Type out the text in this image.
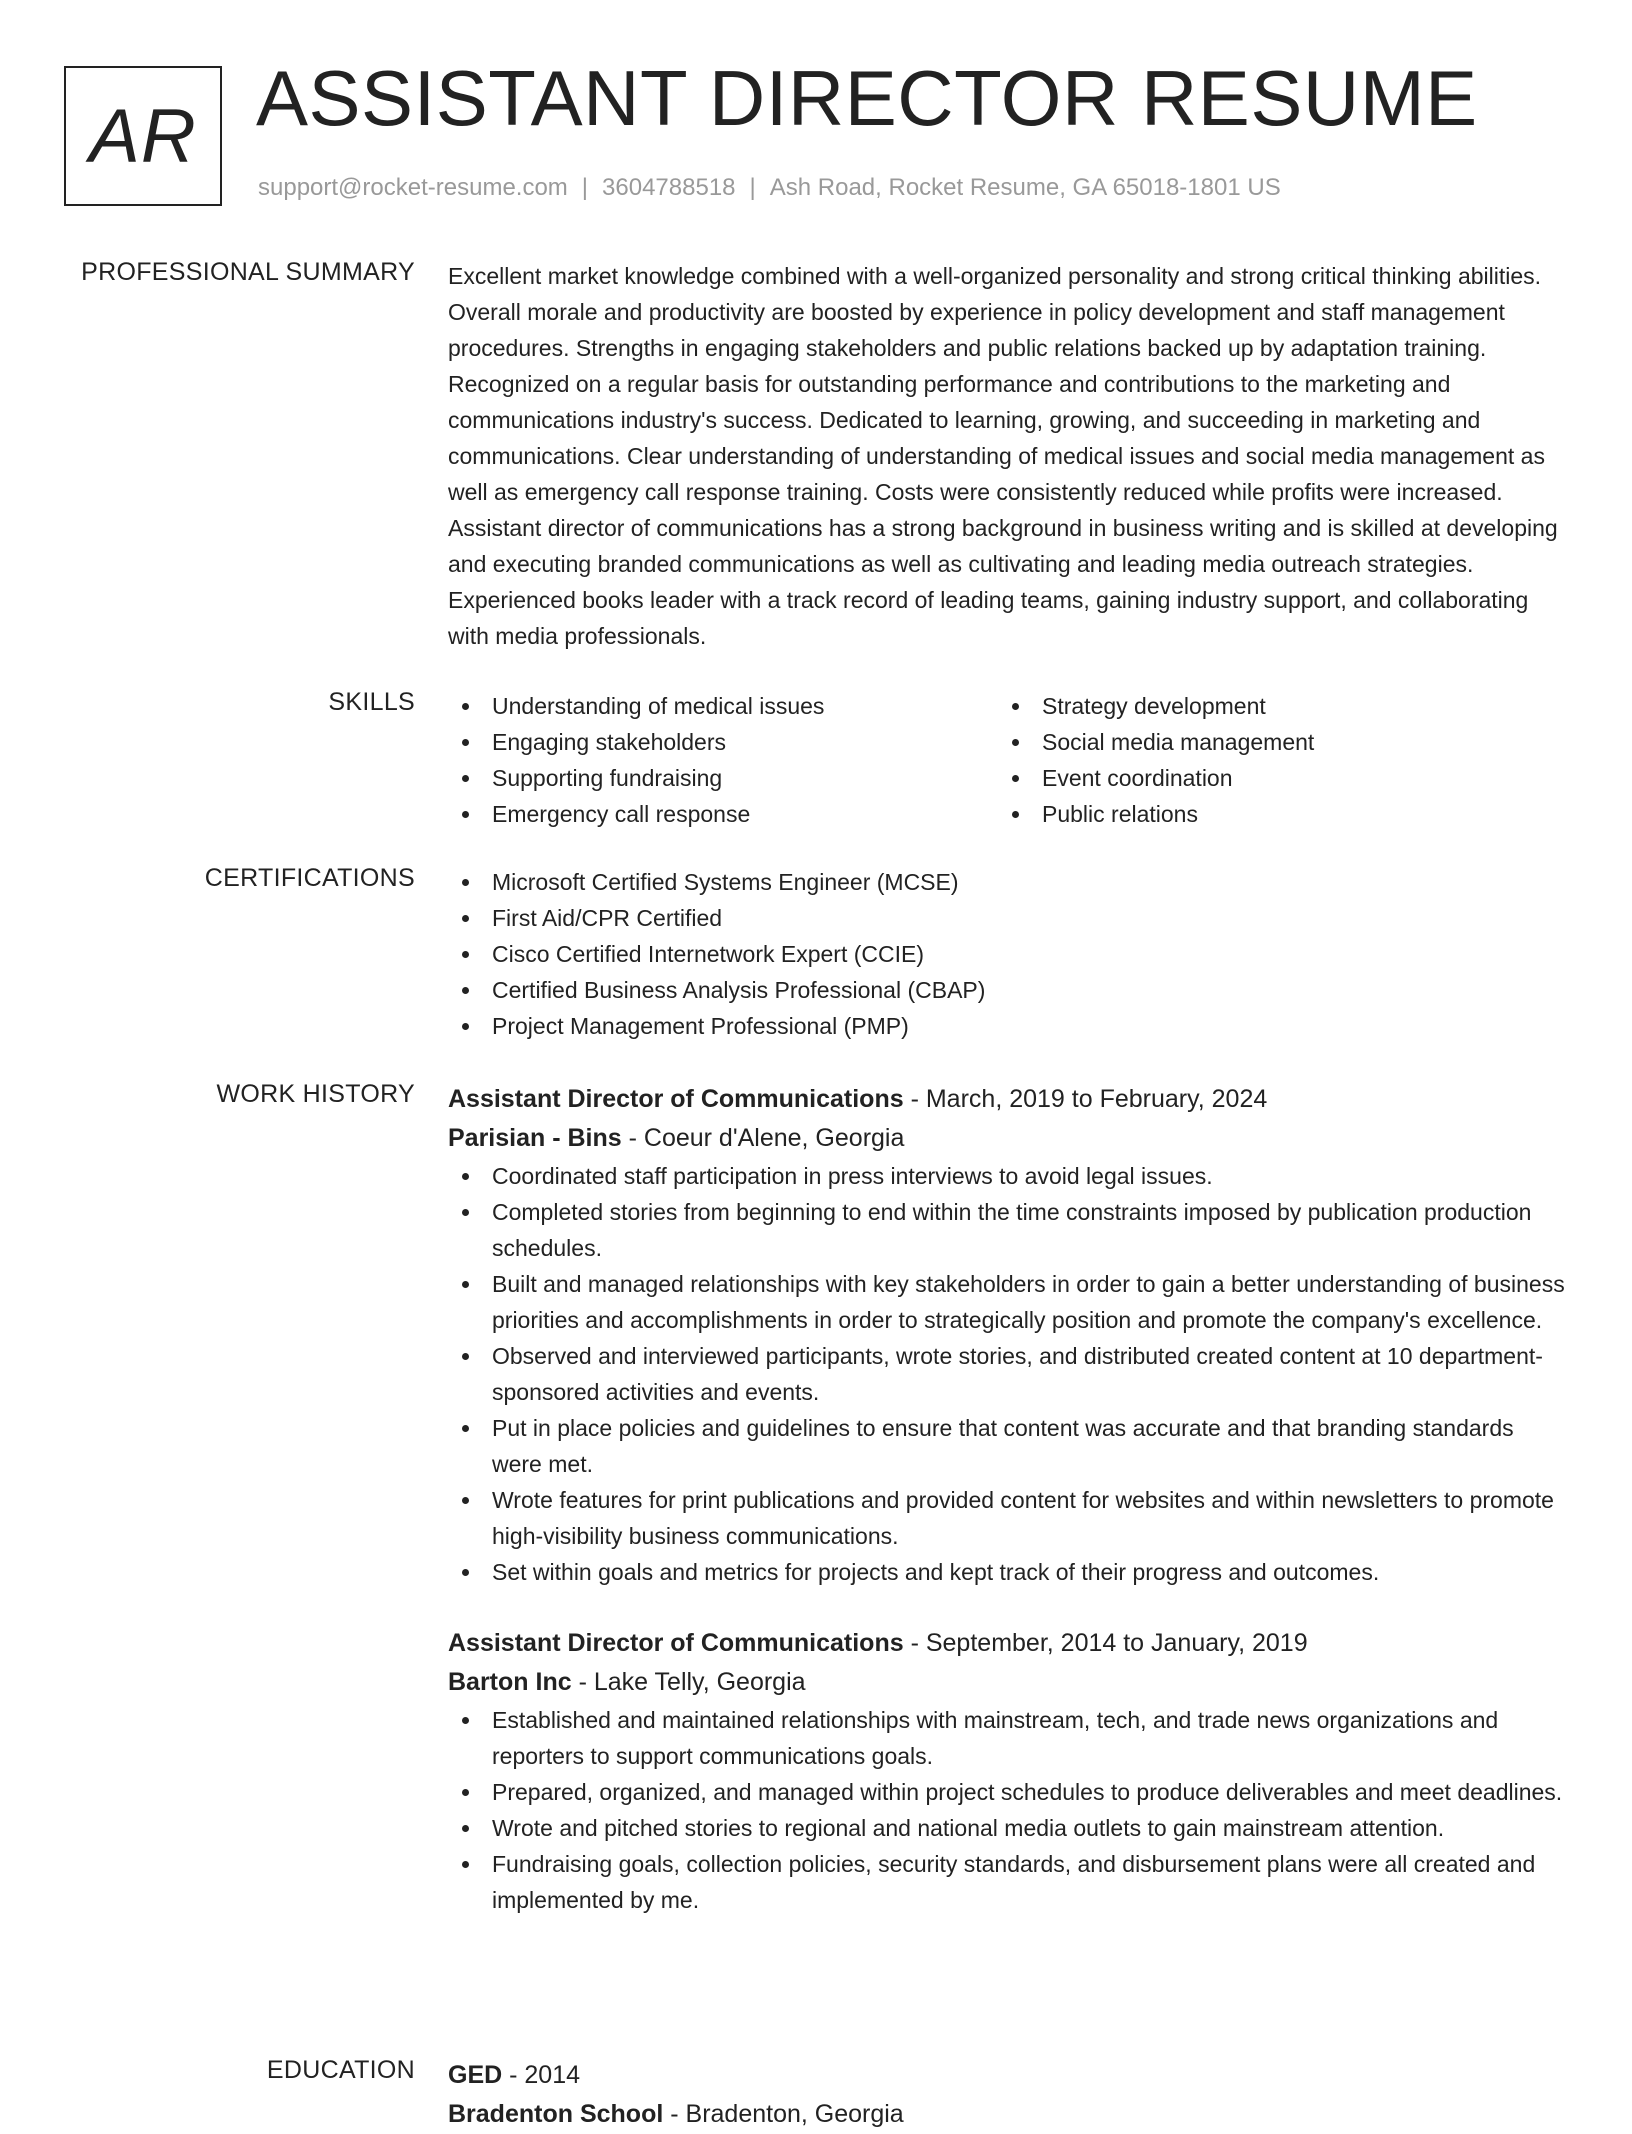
AR ASSISTANT DIRECTOR RESUME
support@rocket-resume.com | 3604788518 | Ash Road, Rocket Resume, GA 65018-1801 US
PROFESSIONAL SUMMARY Excellent market knowledge combined with a well-organized personality and strong critical thinking abilities. Overall morale and productivity are boosted by experience in policy development and staff management procedures. Strengths in engaging stakeholders and public relations backed up by adaptation training. Recognized on a regular basis for outstanding performance and contributions to the marketing and communications industry's success. Dedicated to learning, growing, and succeeding in marketing and communications. Clear understanding of understanding of medical issues and social media management as well as emergency call response training. Costs were consistently reduced while profits were increased. Assistant director of communications has a strong background in business writing and is skilled at developing and executing branded communications as well as cultivating and leading media outreach strategies. Experienced books leader with a track record of leading teams, gaining industry support, and collaborating with media professionals.

SKILLS	Understanding of medical issues
Engaging stakeholders
Supporting fundraising
Emergency call response
Strategy development
Social media management
Event coordination
Public relations
CERTIFICATIONS	Microsoft Certified Systems Engineer (MCSE)
First Aid/CPR Certified
Cisco Certified Internetwork Expert (CCIE)
Certified Business Analysis Professional (CBAP)
Project Management Professional (PMP)
WORK HISTORY Assistant Director of Communications - March, 2019 to February, 2024
Parisian - Bins - Coeur d'Alene, Georgia
Coordinated staff participation in press interviews to avoid legal issues.
Completed stories from beginning to end within the time constraints imposed by publication production schedules.
Built and managed relationships with key stakeholders in order to gain a better understanding of business priorities and accomplishments in order to strategically position and promote the company's excellence.
Observed and interviewed participants, wrote stories, and distributed created content at 10 department-sponsored activities and events.
Put in place policies and guidelines to ensure that content was accurate and that branding standards were met.
Wrote features for print publications and provided content for websites and within newsletters to promote high-visibility business communications.
Set within goals and metrics for projects and kept track of their progress and outcomes.
Assistant Director of Communications - September, 2014 to January, 2019
Barton Inc - Lake Telly, Georgia
Established and maintained relationships with mainstream, tech, and trade news organizations and reporters to support communications goals.
Prepared, organized, and managed within project schedules to produce deliverables and meet deadlines.
Wrote and pitched stories to regional and national media outlets to gain mainstream attention.
Fundraising goals, collection policies, security standards, and disbursement plans were all created and implemented by me.
EDUCATION GED - 2014
Bradenton School - Bradenton, Georgia
